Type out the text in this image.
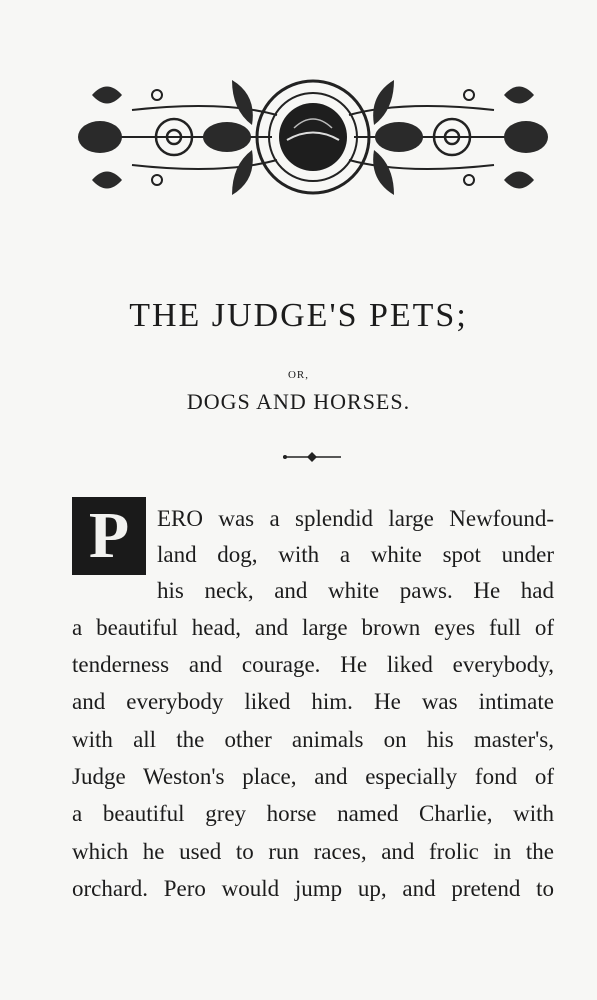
THE JUDGE'S PETS;
OR,
DOGS AND HORSES.
P	ERO was a splendid large Newfound-
land dog, with a white spot under
his neck, and white paws. He had
a beautiful head, and large brown eyes full of
tenderness and courage. He liked everybody,
and everybody liked him. He was intimate
with all the other animals on his master's,
Judge Weston's place, and especially fond of
a beautiful grey horse named Charlie, with
which he used to run races, and frolic in the
orchard. Pero would jump up, and pretend to
